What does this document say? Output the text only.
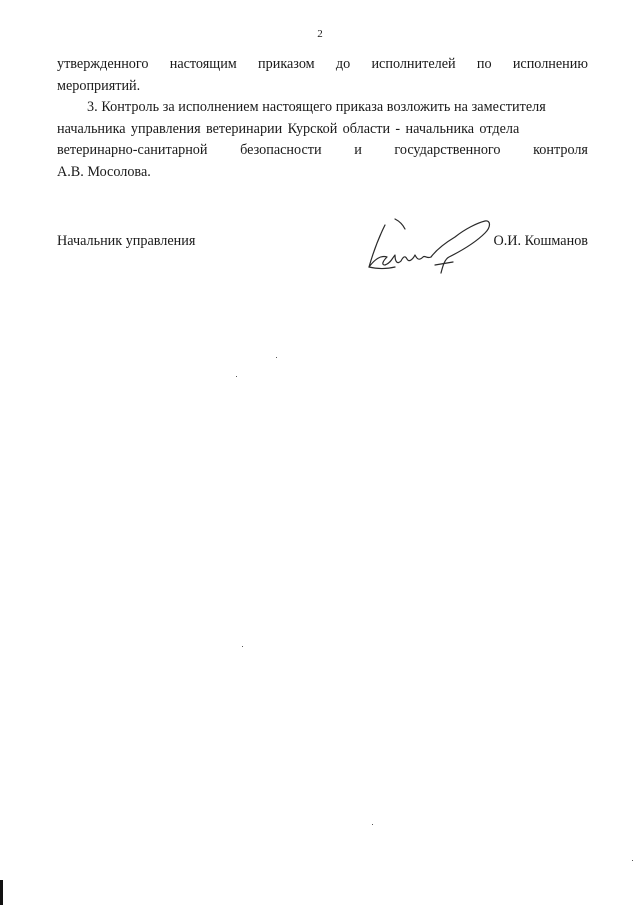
2
утвержденного настоящим приказом до исполнителей по исполнению
мероприятий.
3. Контроль за исполнением настоящего приказа возложить на заместителя
начальника управления ветеринарии Курской области - начальника отдела
ветеринарно-санитарной безопасности и государственного контроля
А.В. Мосолова.
Начальник управления	О.И. Кошманов
